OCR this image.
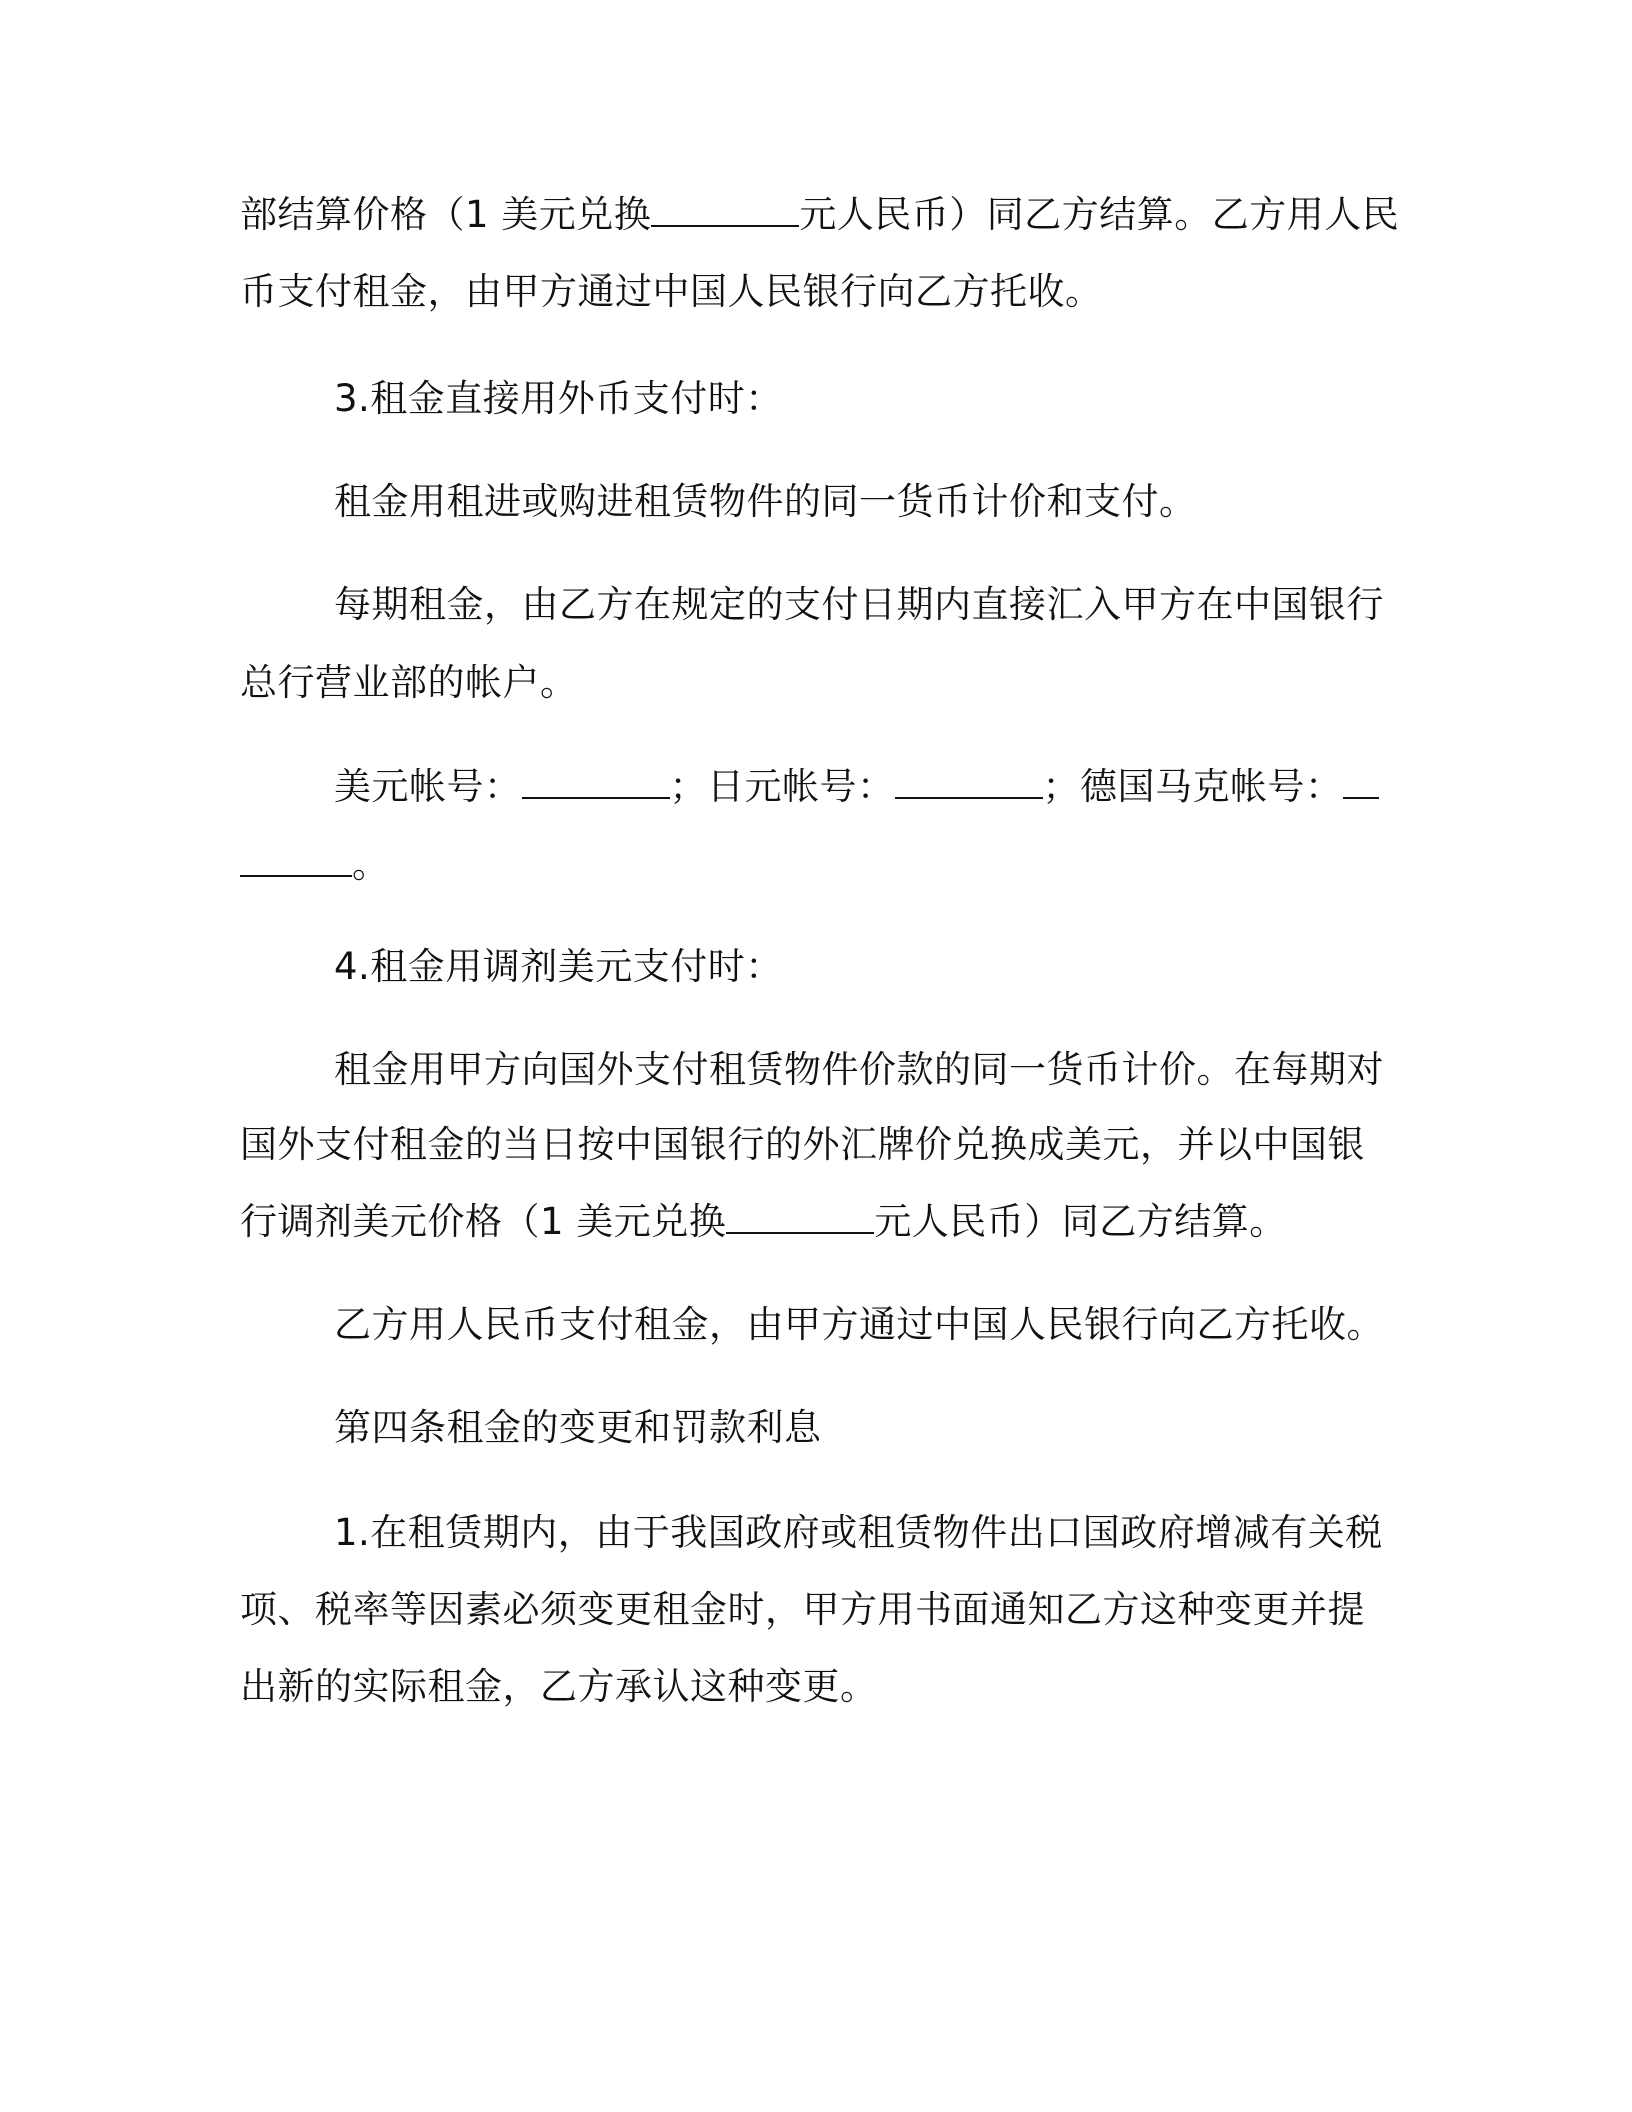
部结算价格（1 美元兑换	元人民币）同乙方结算。乙方用人民
币支付租金，由甲方通过中国人民银行向乙方托收。
3.租金直接用外币支付时：
租金用租进或购进租赁物件的同一货币计价和支付。
每期租金，由乙方在规定的支付日期内直接汇入甲方在中国银行
总行营业部的帐户。
美元帐号：	；日元帐号：	；德国马克帐号：
。
4.租金用调剂美元支付时：
租金用甲方向国外支付租赁物件价款的同一货币计价。在每期对
国外支付租金的当日按中国银行的外汇牌价兑换成美元，并以中国银
行调剂美元价格（1 美元兑换	元人民币）同乙方结算。
乙方用人民币支付租金，由甲方通过中国人民银行向乙方托收。
第四条租金的变更和罚款利息
1.在租赁期内，由于我国政府或租赁物件出口国政府增减有关税
项、税率等因素必须变更租金时，甲方用书面通知乙方这种变更并提
出新的实际租金，乙方承认这种变更。
